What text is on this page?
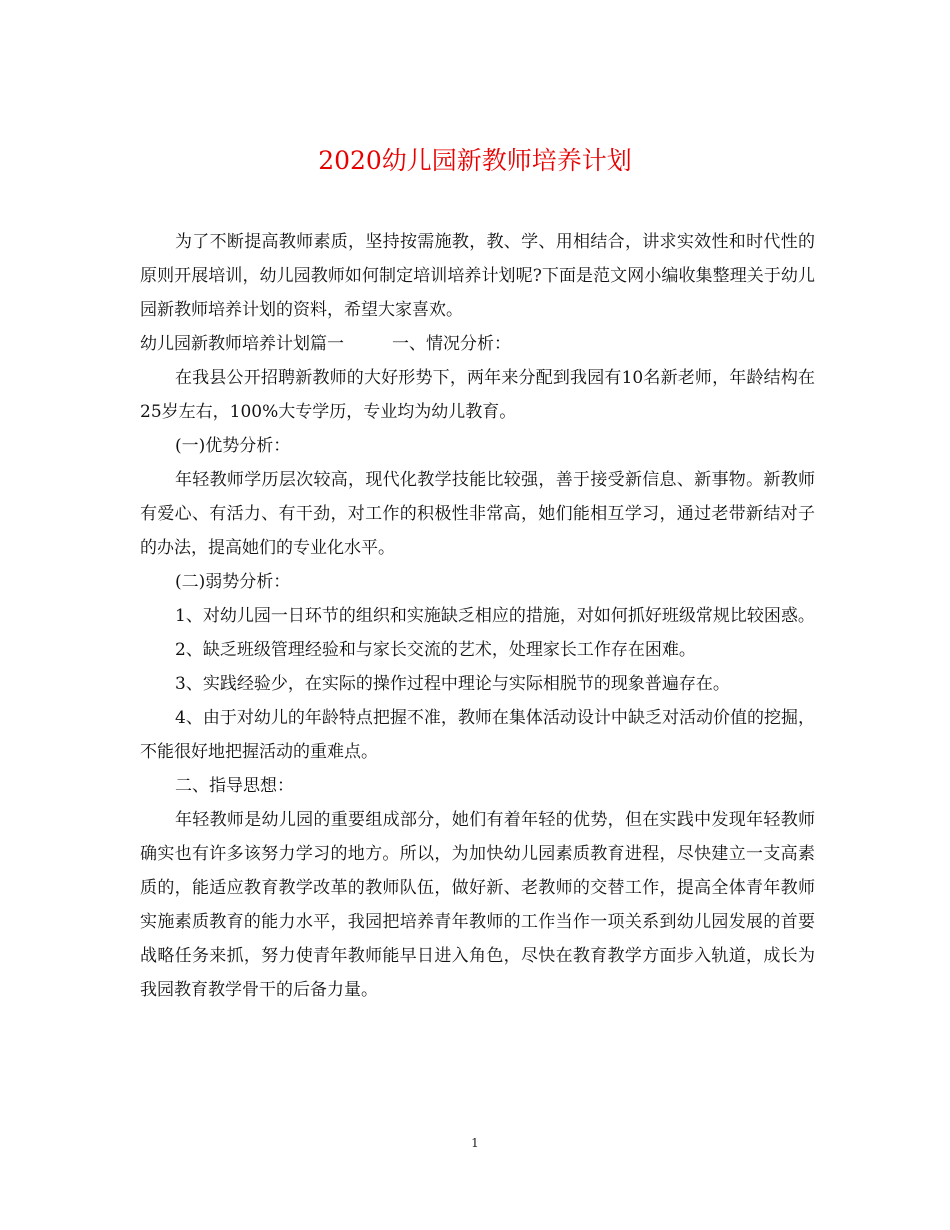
2020幼儿园新教师培养计划

为了不断提高教师素质，坚持按需施教，教、学、用相结合，讲求实效性和时代性的原则开展培训，幼儿园教师如何制定培训培养计划呢?下面是范文网小编收集整理关于幼儿园新教师培养计划的资料，希望大家喜欢。

幼儿园新教师培养计划篇一	一、情况分析：

在我县公开招聘新教师的大好形势下，两年来分配到我园有10名新老师，年龄结构在25岁左右，100%大专学历，专业均为幼儿教育。

(一)优势分析：

年轻教师学历层次较高，现代化教学技能比较强，善于接受新信息、新事物。新教师有爱心、有活力、有干劲，对工作的积极性非常高，她们能相互学习，通过老带新结对子的办法，提高她们的专业化水平。

(二)弱势分析：

1、对幼儿园一日环节的组织和实施缺乏相应的措施，对如何抓好班级常规比较困惑。

2、缺乏班级管理经验和与家长交流的艺术，处理家长工作存在困难。

3、实践经验少，在实际的操作过程中理论与实际相脱节的现象普遍存在。

4、由于对幼儿的年龄特点把握不准，教师在集体活动设计中缺乏对活动价值的挖掘，不能很好地把握活动的重难点。

二、指导思想：

年轻教师是幼儿园的重要组成部分，她们有着年轻的优势，但在实践中发现年轻教师确实也有许多该努力学习的地方。所以，为加快幼儿园素质教育进程，尽快建立一支高素质的，能适应教育教学改革的教师队伍，做好新、老教师的交替工作，提高全体青年教师实施素质教育的能力水平，我园把培养青年教师的工作当作一项关系到幼儿园发展的首要战略任务来抓，努力使青年教师能早日进入角色，尽快在教育教学方面步入轨道，成长为我园教育教学骨干的后备力量。

1
